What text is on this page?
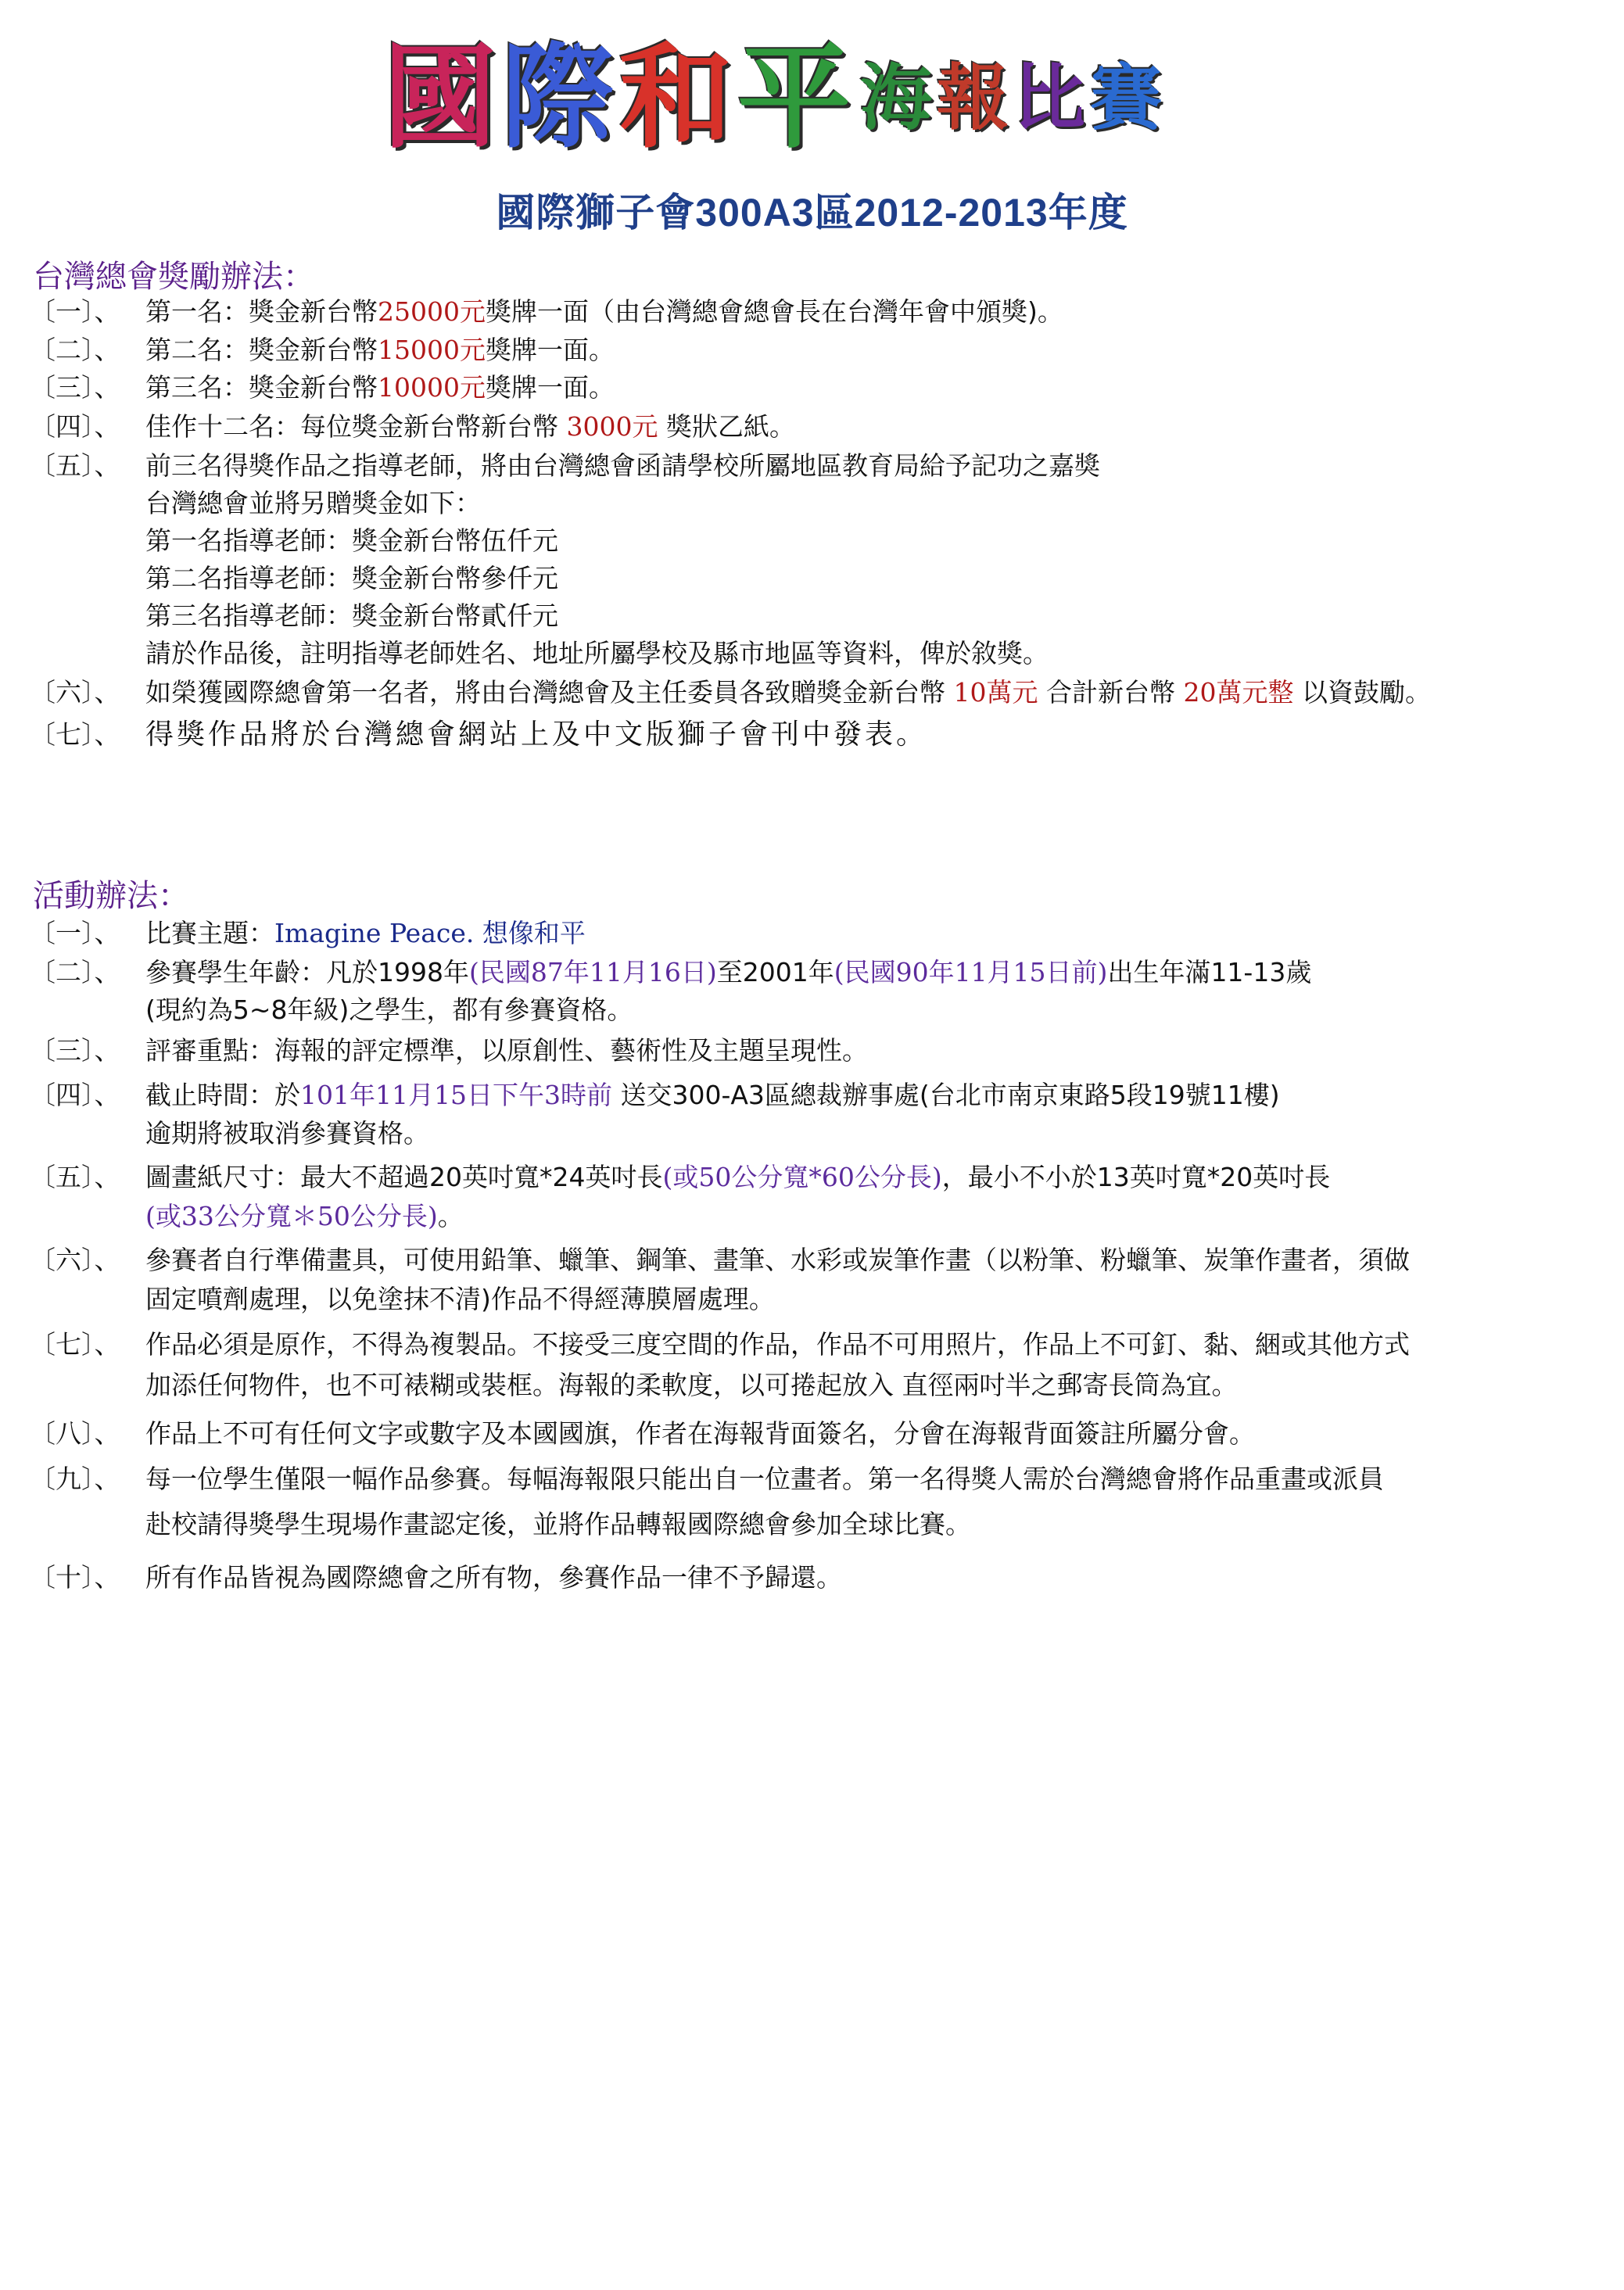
國際和平海報比賽
國際獅子會300A3區2012-2013年度
台灣總會獎勵辦法：
〔一〕、 第一名：獎金新台幣25000元獎牌一面（由台灣總會總會長在台灣年會中頒獎)。
〔二〕、 第二名：獎金新台幣15000元獎牌一面。
〔三〕、 第三名：獎金新台幣10000元獎牌一面。
〔四〕、 佳作十二名：每位獎金新台幣新台幣 3000元 獎狀乙紙。
〔五〕、 前三名得獎作品之指導老師，將由台灣總會函請學校所屬地區教育局給予記功之嘉獎
台灣總會並將另贈獎金如下：
第一名指導老師：獎金新台幣伍仟元
第二名指導老師：獎金新台幣參仟元
第三名指導老師：獎金新台幣貳仟元
請於作品後，註明指導老師姓名、地址所屬學校及縣市地區等資料，俾於敘獎。
〔六〕、 如榮獲國際總會第一名者，將由台灣總會及主任委員各致贈獎金新台幣 10萬元 合計新台幣 20萬元整 以資鼓勵。
〔七〕、 得獎作品將於台灣總會網站上及中文版獅子會刊中發表。
活動辦法：
〔一〕、 比賽主題：Imagine Peace. 想像和平
〔二〕、 參賽學生年齡：凡於1998年(民國87年11月16日)至2001年(民國90年11月15日前)出生年滿11-13歲
(現約為5~8年級)之學生，都有參賽資格。
〔三〕、 評審重點：海報的評定標準，以原創性、藝術性及主題呈現性。
〔四〕、 截止時間：於101年11月15日下午3時前 送交300-A3區總裁辦事處(台北市南京東路5段19號11樓)
逾期將被取消參賽資格。
〔五〕、 圖畫紙尺寸：最大不超過20英吋寬*24英吋長(或50公分寬*60公分長)，最小不小於13英吋寬*20英吋長
(或33公分寬＊50公分長)。
〔六〕、 參賽者自行準備畫具，可使用鉛筆、蠟筆、鋼筆、畫筆、水彩或炭筆作畫（以粉筆、粉蠟筆、炭筆作畫者，須做
固定噴劑處理，以免塗抹不清)作品不得經薄膜層處理。
〔七〕、 作品必須是原作，不得為複製品。不接受三度空間的作品，作品不可用照片，作品上不可釘、黏、綑或其他方式
加添任何物件，也不可裱糊或裝框。海報的柔軟度，以可捲起放入 直徑兩吋半之郵寄長筒為宜。
〔八〕、 作品上不可有任何文字或數字及本國國旗，作者在海報背面簽名，分會在海報背面簽註所屬分會。
〔九〕、 每一位學生僅限一幅作品參賽。每幅海報限只能出自一位畫者。第一名得獎人需於台灣總會將作品重畫或派員
赴校請得獎學生現場作畫認定後，並將作品轉報國際總會參加全球比賽。
〔十〕、 所有作品皆視為國際總會之所有物，參賽作品一律不予歸還。
